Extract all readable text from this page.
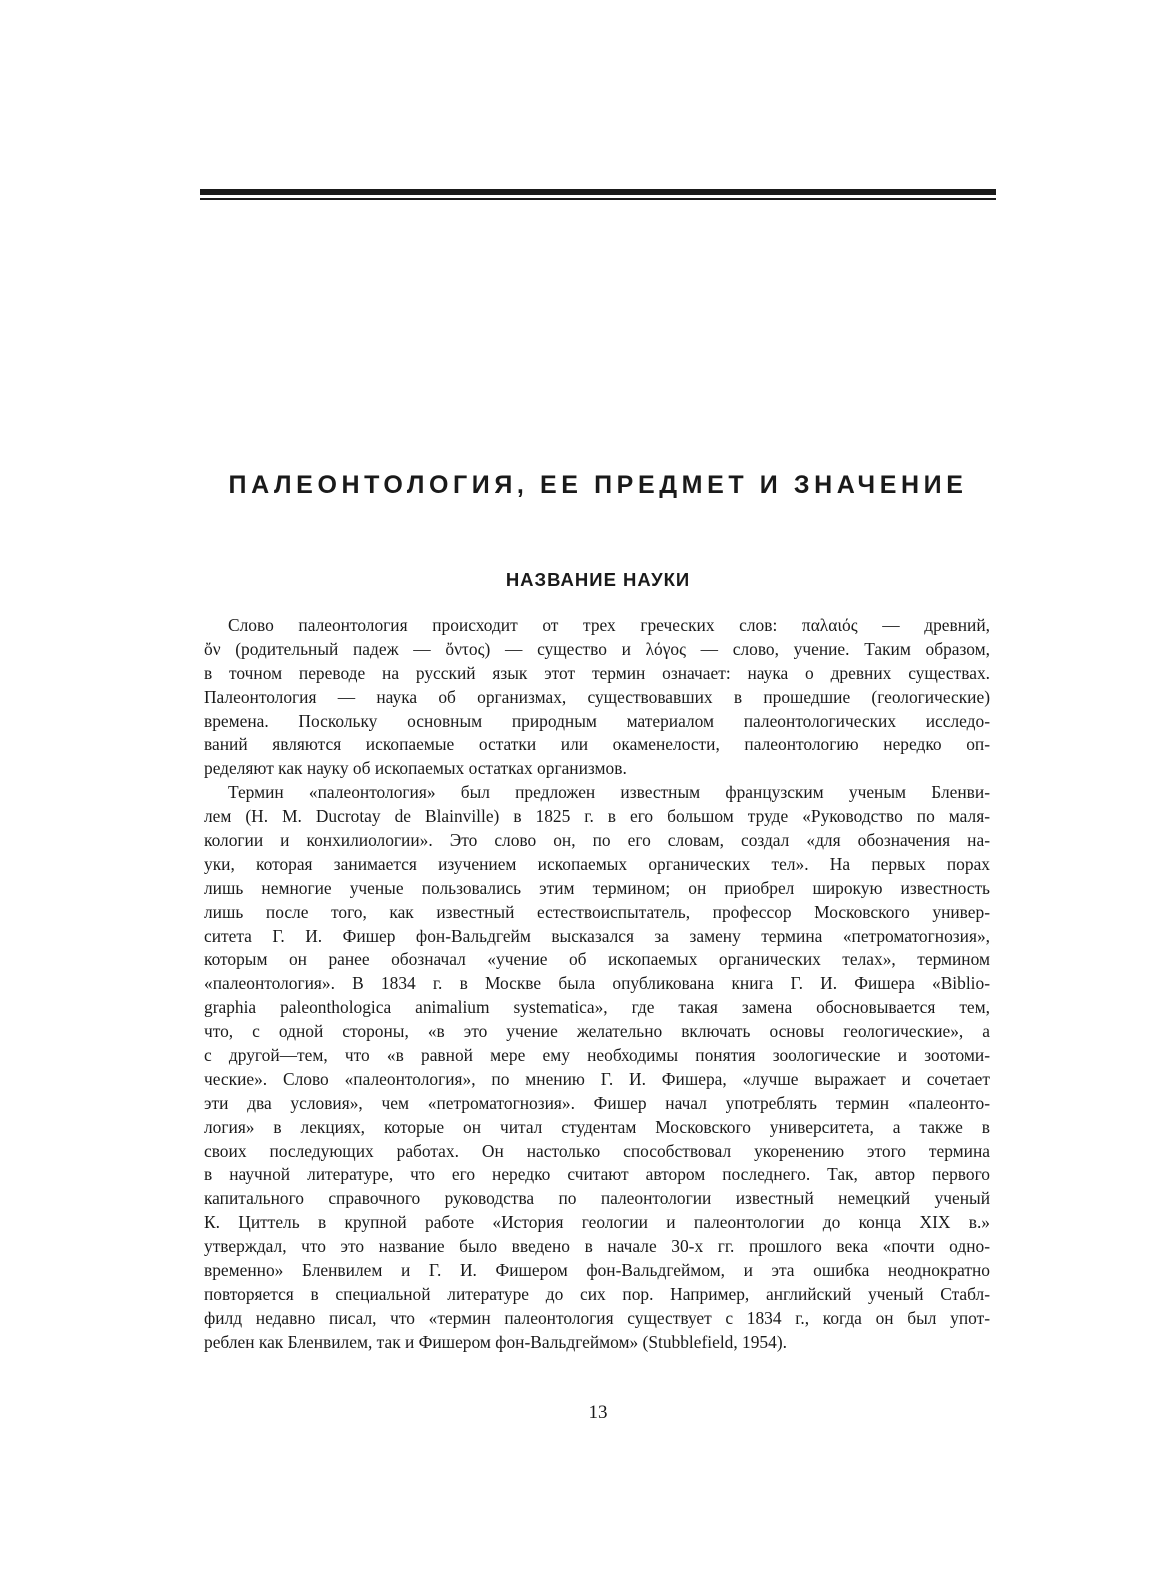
ПАЛЕОНТОЛОГИЯ, ЕЕ ПРЕДМЕТ И ЗНАЧЕНИЕ
НАЗВАНИЕ НАУКИ
Слово палеонтология происходит от трех греческих слов: παλαιός — древний,
ὄν (родительный падеж — ὄντος) — существо и λόγος — слово, учение. Таким образом,
в точном переводе на русский язык этот термин означает: наука о древних существах.
Палеонтология — наука об организмах, существовавших в прошедшие (геологические)
времена. Поскольку основным природным материалом палеонтологических исследо-
ваний являются ископаемые остатки или окаменелости, палеонтологию нередко оп-
ределяют как науку об ископаемых остатках организмов.
Термин «палеонтология» был предложен известным французским ученым Бленви-
лем (H. M. Ducrotay de Blainville) в 1825 г. в его большом труде «Руководство по маля-
кологии и конхилиологии». Это слово он, по его словам, создал «для обозначения на-
уки, которая занимается изучением ископаемых органических тел». На первых порах
лишь немногие ученые пользовались этим термином; он приобрел широкую известность
лишь после того, как известный естествоиспытатель, профессор Московского универ-
ситета Г. И. Фишер фон-Вальдгейм высказался за замену термина «петроматогнозия»,
которым он ранее обозначал «учение об ископаемых органических телах», термином
«палеонтология». В 1834 г. в Москве была опубликована книга Г. И. Фишера «Biblio-
graphia paleonthologica animalium systematica», где такая замена обосновывается тем,
что, с одной стороны, «в это учение желательно включать основы геологические», а
с другой—тем, что «в равной мере ему необходимы понятия зоологические и зоотоми-
ческие». Слово «палеонтология», по мнению Г. И. Фишера, «лучше выражает и сочетает
эти два условия», чем «петроматогнозия». Фишер начал употреблять термин «палеонто-
логия» в лекциях, которые он читал студентам Московского университета, а также в
своих последующих работах. Он настолько способствовал укоренению этого термина
в научной литературе, что его нередко считают автором последнего. Так, автор первого
капитального справочного руководства по палеонтологии известный немецкий ученый
К. Циттель в крупной работе «История геологии и палеонтологии до конца XIX в.»
утверждал, что это название было введено в начале 30-х гг. прошлого века «почти одно-
временно» Бленвилем и Г. И. Фишером фон-Вальдгеймом, и эта ошибка неоднократно
повторяется в специальной литературе до сих пор. Например, английский ученый Стабл-
филд недавно писал, что «термин палеонтология существует с 1834 г., когда он был упот-
реблен как Бленвилем, так и Фишером фон-Вальдгеймом» (Stubblefield, 1954).
13
